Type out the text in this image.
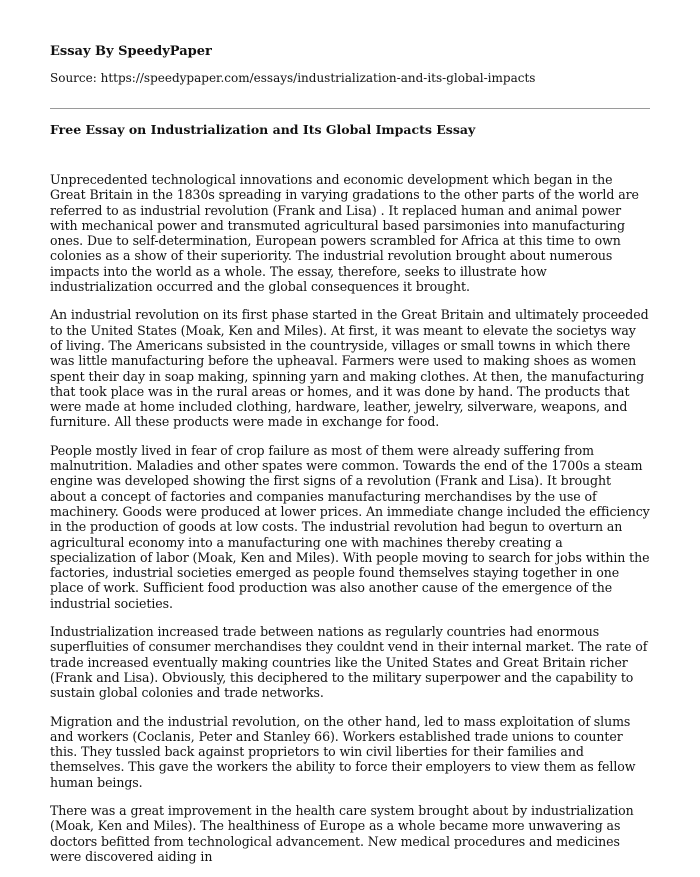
Essay By SpeedyPaper

Source: https://speedypaper.com/essays/industrialization-and-its-global-impacts

Free Essay on Industrialization and Its Global Impacts Essay

Unprecedented technological innovations and economic development which began in the Great Britain in the 1830s spreading in varying gradations to the other parts of the world are referred to as industrial revolution (Frank and Lisa) . It replaced human and animal power with mechanical power and transmuted agricultural based parsimonies into manufacturing ones. Due to self-determination, European powers scrambled for Africa at this time to own colonies as a show of their superiority. The industrial revolution brought about numerous impacts into the world as a whole. The essay, therefore, seeks to illustrate how industrialization occurred and the global consequences it brought.

An industrial revolution on its first phase started in the Great Britain and ultimately proceeded to the United States (Moak, Ken and Miles). At first, it was meant to elevate the societys way of living. The Americans subsisted in the countryside, villages or small towns in which there was little manufacturing before the upheaval. Farmers were used to making shoes as women spent their day in soap making, spinning yarn and making clothes. At then, the manufacturing that took place was in the rural areas or homes, and it was done by hand. The products that were made at home included clothing, hardware, leather, jewelry, silverware, weapons, and furniture. All these products were made in exchange for food.

People mostly lived in fear of crop failure as most of them were already suffering from malnutrition. Maladies and other spates were common. Towards the end of the 1700s a steam engine was developed showing the first signs of a revolution (Frank and Lisa). It brought about a concept of factories and companies manufacturing merchandises by the use of machinery. Goods were produced at lower prices. An immediate change included the efficiency in the production of goods at low costs. The industrial revolution had begun to overturn an agricultural economy into a manufacturing one with machines thereby creating a specialization of labor (Moak, Ken and Miles). With people moving to search for jobs within the factories, industrial societies emerged as people found themselves staying together in one place of work. Sufficient food production was also another cause of the emergence of the industrial societies.

Industrialization increased trade between nations as regularly countries had enormous superfluities of consumer merchandises they couldnt vend in their internal market. The rate of trade increased eventually making countries like the United States and Great Britain richer (Frank and Lisa). Obviously, this deciphered to the military superpower and the capability to sustain global colonies and trade networks.

Migration and the industrial revolution, on the other hand, led to mass exploitation of slums and workers (Coclanis, Peter and Stanley 66). Workers established trade unions to counter this. They tussled back against proprietors to win civil liberties for their families and themselves. This gave the workers the ability to force their employers to view them as fellow human beings.

There was a great improvement in the health care system brought about by industrialization (Moak, Ken and Miles). The healthiness of Europe as a whole became more unwavering as doctors befitted from technological advancement. New medical procedures and medicines were discovered aiding in
